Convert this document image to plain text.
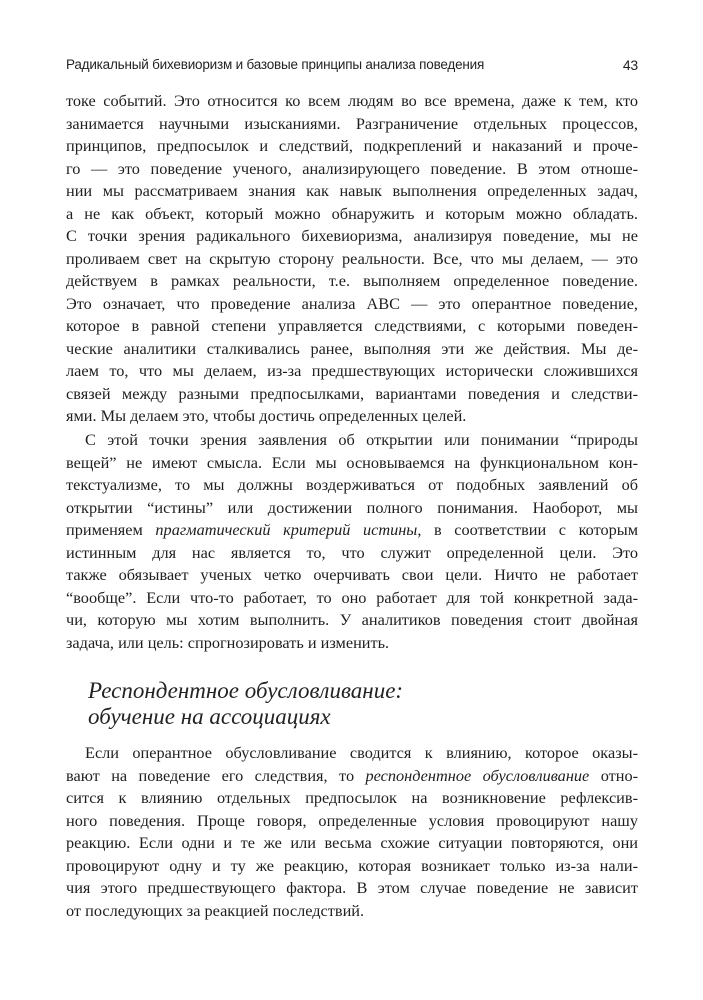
Радикальный бихевиоризм и базовые принципы анализа поведения	43
токе событий. Это относится ко всем людям во все времена, даже к тем, кто
занимается научными изысканиями. Разграничение отдельных процессов,
принципов, предпосылок и следствий, подкреплений и наказаний и проче-
го — это поведение ученого, анализирующего поведение. В этом отноше-
нии мы рассматриваем знания как навык выполнения определенных задач,
а не как объект, который можно обнаружить и которым можно обладать.
С точки зрения радикального бихевиоризма, анализируя поведение, мы не
проливаем свет на скрытую сторону реальности. Все, что мы делаем, — это
действуем в рамках реальности, т.е. выполняем определенное поведение.
Это означает, что проведение анализа ABC — это оперантное поведение,
которое в равной степени управляется следствиями, с которыми поведен-
ческие аналитики сталкивались ранее, выполняя эти же действия. Мы де-
лаем то, что мы делаем, из-за предшествующих исторически сложившихся
связей между разными предпосылками, вариантами поведения и следстви-
ями. Мы делаем это, чтобы достичь определенных целей.
С этой точки зрения заявления об открытии или понимании “природы
вещей” не имеют смысла. Если мы основываемся на функциональном кон-
текстуализме, то мы должны воздерживаться от подобных заявлений об
открытии “истины” или достижении полного понимания. Наоборот, мы
применяем прагматический критерий истины, в соответствии с которым
истинным для нас является то, что служит определенной цели. Это
также обязывает ученых четко очерчивать свои цели. Ничто не работает
“вообще”. Если что-то работает, то оно работает для той конкретной зада-
чи, которую мы хотим выполнить. У аналитиков поведения стоит двойная
задача, или цель: спрогнозировать и изменить.
Респондентное обусловливание:
обучение на ассоциациях
Если оперантное обусловливание сводится к влиянию, которое оказы-
вают на поведение его следствия, то респондентное обусловливание отно-
сится к влиянию отдельных предпосылок на возникновение рефлексив-
ного поведения. Проще говоря, определенные условия провоцируют нашу
реакцию. Если одни и те же или весьма схожие ситуации повторяются, они
провоцируют одну и ту же реакцию, которая возникает только из-за нали-
чия этого предшествующего фактора. В этом случае поведение не зависит
от последующих за реакцией последствий.
